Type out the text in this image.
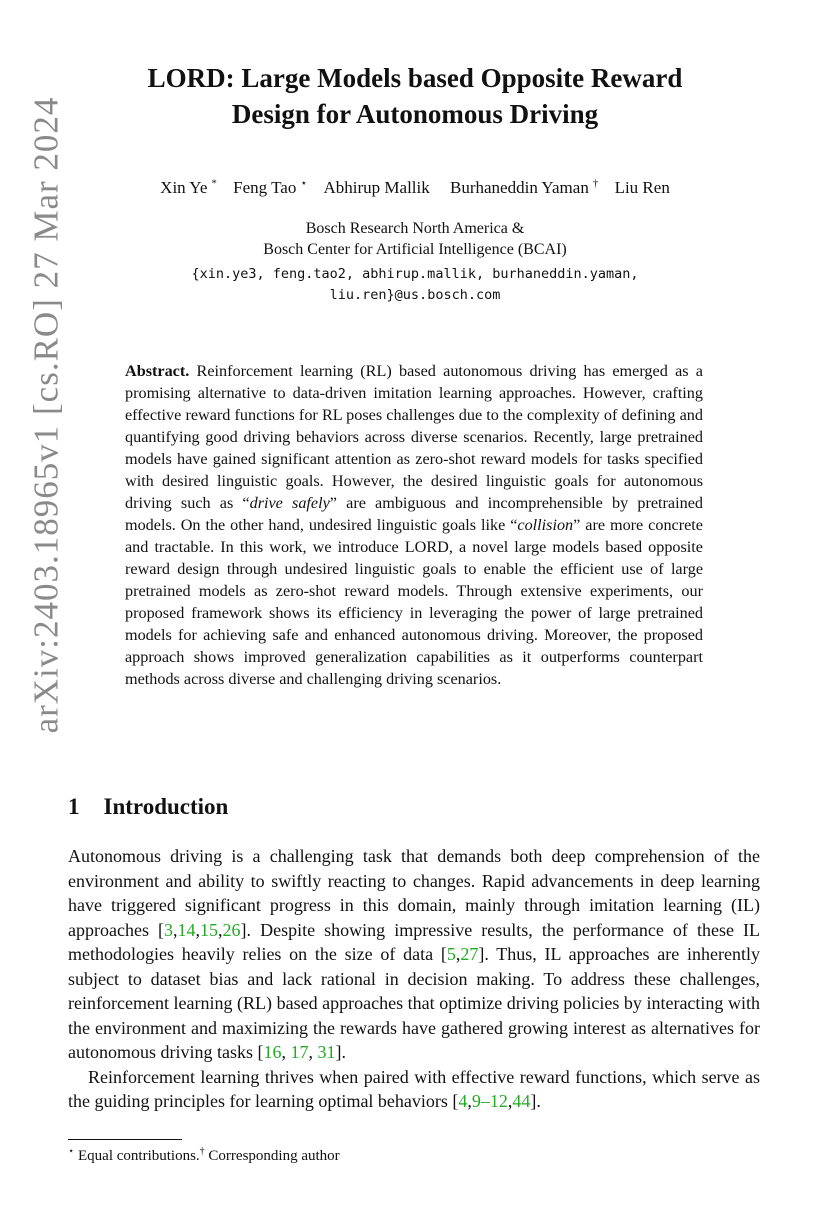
arXiv:2403.18965v1 [cs.RO] 27 Mar 2024
LORD: Large Models based Opposite Reward
Design for Autonomous Driving
Xin Ye * Feng Tao ⋆ Abhirup Mallik Burhaneddin Yaman † Liu Ren
Bosch Research North America &
Bosch Center for Artificial Intelligence (BCAI)
{xin.ye3, feng.tao2, abhirup.mallik, burhaneddin.yaman,
liu.ren}@us.bosch.com
Abstract. Reinforcement learning (RL) based autonomous driving has emerged as a promising alternative to data-driven imitation learning approaches. However, crafting effective reward functions for RL poses challenges due to the complexity of defining and quantifying good driving behaviors across diverse scenarios. Recently, large pretrained models have gained significant attention as zero-shot reward models for tasks specified with desired linguistic goals. However, the desired linguistic goals for autonomous driving such as “drive safely” are ambiguous and incomprehensible by pretrained models. On the other hand, undesired linguistic goals like “collision” are more concrete and tractable. In this work, we introduce LORD, a novel large models based opposite reward design through undesired linguistic goals to enable the efficient use of large pretrained models as zero-shot reward models. Through extensive experiments, our proposed framework shows its efficiency in leveraging the power of large pretrained models for achieving safe and enhanced autonomous driving. Moreover, the proposed approach shows improved generalization capabilities as it outperforms counterpart methods across diverse and challenging driving scenarios.
1 Introduction

Autonomous driving is a challenging task that demands both deep comprehension of the environment and ability to swiftly reacting to changes. Rapid advancements in deep learning have triggered significant progress in this domain, mainly through imitation learning (IL) approaches [3,14,15,26]. Despite showing impressive results, the performance of these IL methodologies heavily relies on the size of data [5,27]. Thus, IL approaches are inherently subject to dataset bias and lack rational in decision making. To address these challenges, reinforcement learning (RL) based approaches that optimize driving policies by interacting with the environment and maximizing the rewards have gathered growing interest as alternatives for autonomous driving tasks [16, 17, 31].

Reinforcement learning thrives when paired with effective reward functions, which serve as the guiding principles for learning optimal behaviors [4,9–12,44].

⋆ Equal contributions.† Corresponding author
